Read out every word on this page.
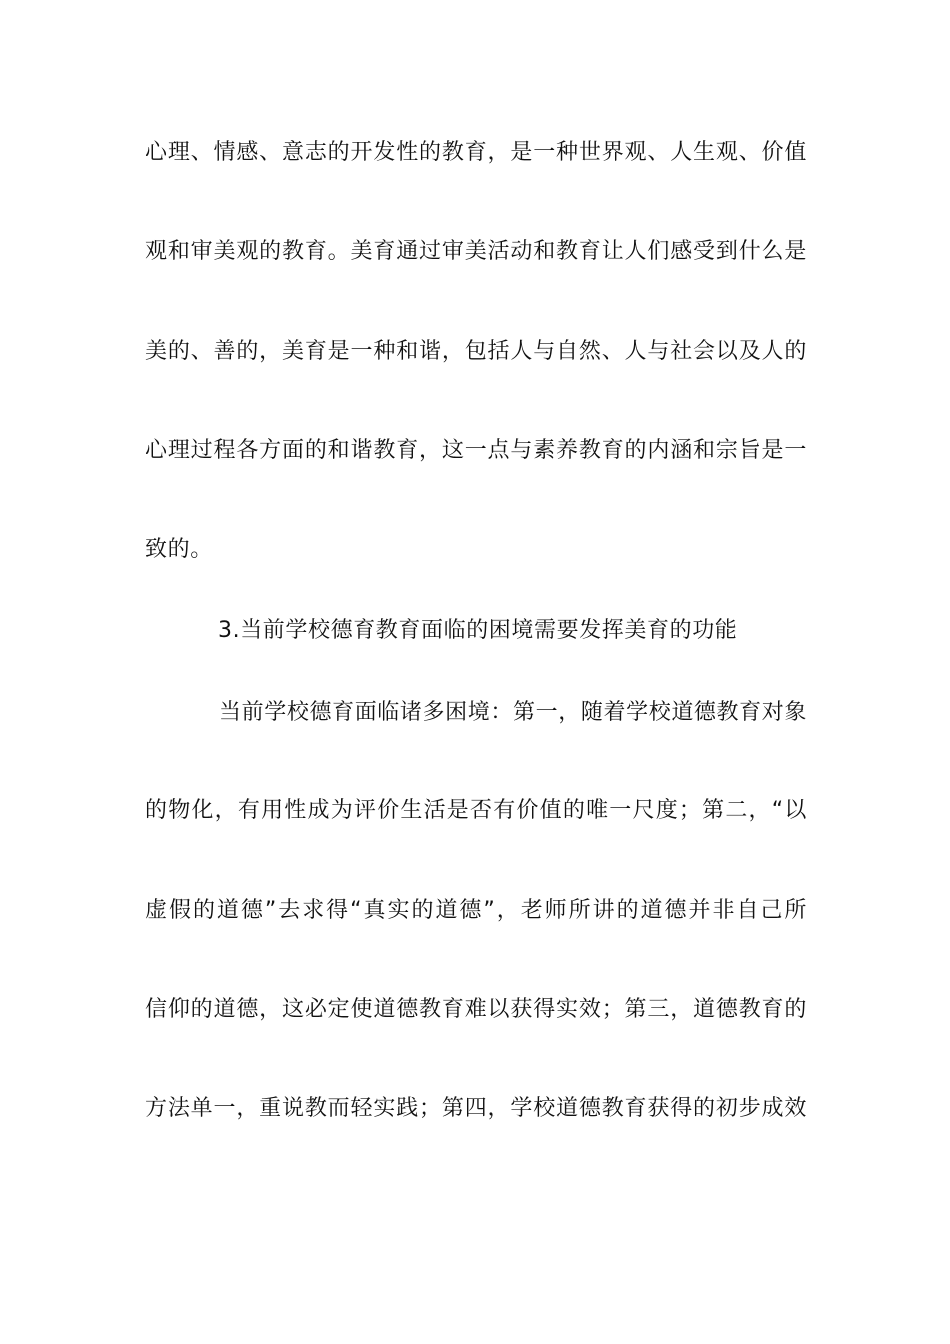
心理、情感、意志的开发性的教育，是一种世界观、人生观、价值
观和审美观的教育。美育通过审美活动和教育让人们感受到什么是
美的、善的，美育是一种和谐，包括人与自然、人与社会以及人的
心理过程各方面的和谐教育，这一点与素养教育的内涵和宗旨是一
致的。
3.当前学校德育教育面临的困境需要发挥美育的功能
当前学校德育面临诸多困境：第一，随着学校道德教育对象
的物化，有用性成为评价生活是否有价值的唯一尺度；第二，“以
虚假的道德”去求得“真实的道德”，老师所讲的道德并非自己所
信仰的道德，这必定使道德教育难以获得实效；第三，道德教育的
方法单一，重说教而轻实践；第四，学校道德教育获得的初步成效
